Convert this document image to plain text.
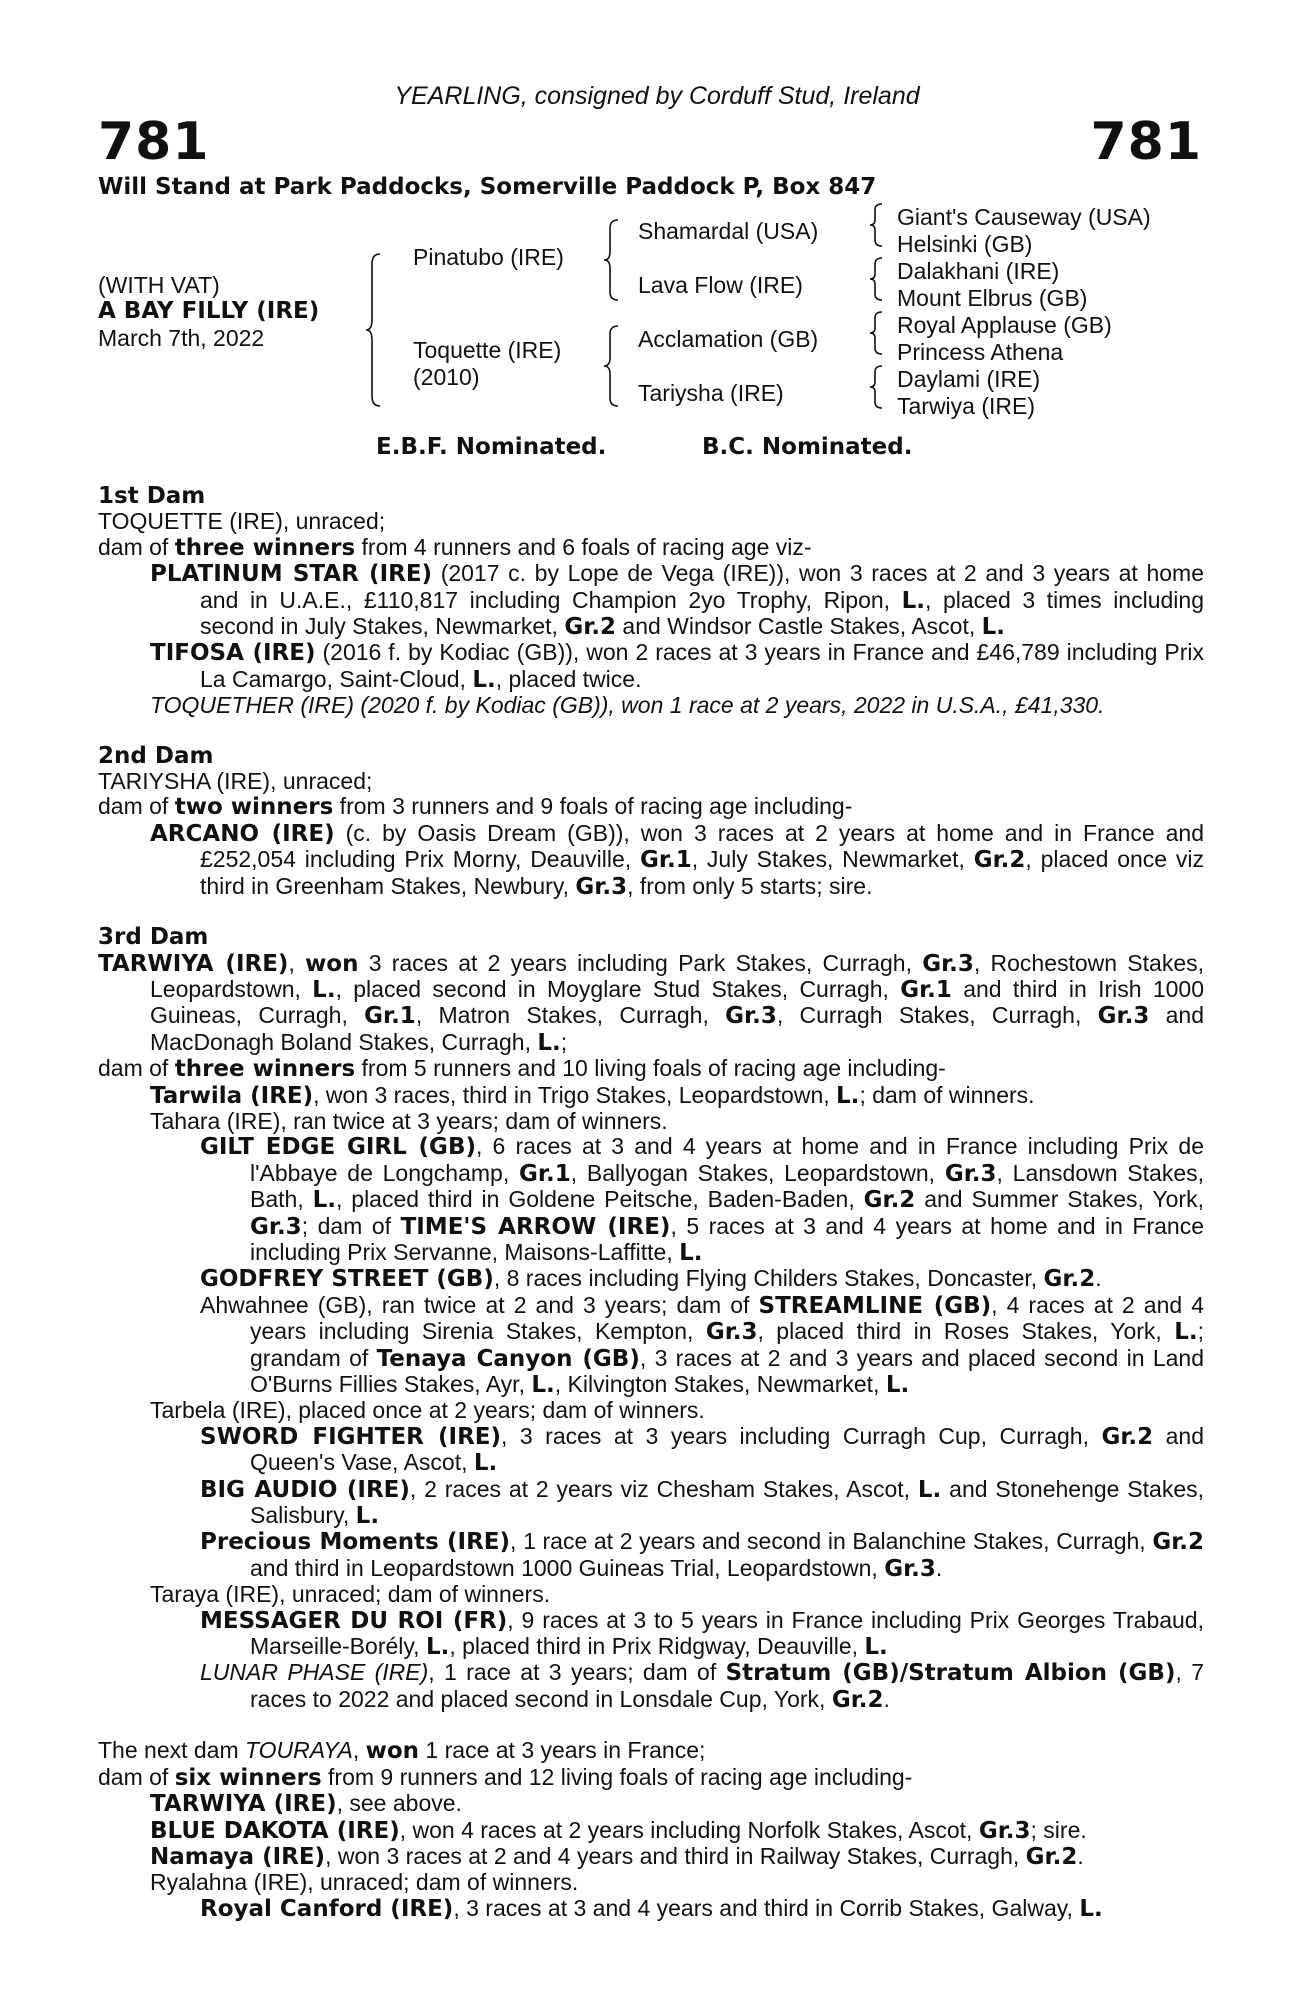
YEARLING, consigned by Corduff Stud, Ireland
781	781
Will Stand at Park Paddocks, Somerville Paddock P, Box 847
(WITH VAT)
A BAY FILLY (IRE)
March 7th, 2022
Pinatubo (IRE)
Toquette (IRE)
(2010)
Shamardal (USA)
Lava Flow (IRE)
Acclamation (GB)
Tariysha (IRE)
Giant's Causeway (USA)
Helsinki (GB)
Dalakhani (IRE)
Mount Elbrus (GB)
Royal Applause (GB)
Princess Athena
Daylami (IRE)
Tarwiya (IRE)
E.B.F. Nominated.	B.C. Nominated.

1st Dam

TOQUETTE (IRE), unraced;

dam of three winners from 4 runners and 6 foals of racing age viz-

PLATINUM STAR (IRE) (2017 c. by Lope de Vega (IRE)), won 3 races at 2 and 3 years at home and in U.A.E., £110,817 including Champion 2yo Trophy, Ripon, L., placed 3 times including second in July Stakes, Newmarket, Gr.2 and Windsor Castle Stakes, Ascot, L.

TIFOSA (IRE) (2016 f. by Kodiac (GB)), won 2 races at 3 years in France and £46,789 including Prix La Camargo, Saint-Cloud, L., placed twice.

TOQUETHER (IRE) (2020 f. by Kodiac (GB)), won 1 race at 2 years, 2022 in U.S.A., £41,330.

2nd Dam

TARIYSHA (IRE), unraced;

dam of two winners from 3 runners and 9 foals of racing age including-

ARCANO (IRE) (c. by Oasis Dream (GB)), won 3 races at 2 years at home and in France and £252,054 including Prix Morny, Deauville, Gr.1, July Stakes, Newmarket, Gr.2, placed once viz third in Greenham Stakes, Newbury, Gr.3, from only 5 starts; sire.

3rd Dam

TARWIYA (IRE), won 3 races at 2 years including Park Stakes, Curragh, Gr.3, Rochestown Stakes, Leopardstown, L., placed second in Moyglare Stud Stakes, Curragh, Gr.1 and third in Irish 1000 Guineas, Curragh, Gr.1, Matron Stakes, Curragh, Gr.3, Curragh Stakes, Curragh, Gr.3 and MacDonagh Boland Stakes, Curragh, L.;

dam of three winners from 5 runners and 10 living foals of racing age including-

Tarwila (IRE), won 3 races, third in Trigo Stakes, Leopardstown, L.; dam of winners.

Tahara (IRE), ran twice at 3 years; dam of winners.

GILT EDGE GIRL (GB), 6 races at 3 and 4 years at home and in France including Prix de l'Abbaye de Longchamp, Gr.1, Ballyogan Stakes, Leopardstown, Gr.3, Lansdown Stakes, Bath, L., placed third in Goldene Peitsche, Baden-Baden, Gr.2 and Summer Stakes, York, Gr.3; dam of TIME'S ARROW (IRE), 5 races at 3 and 4 years at home and in France including Prix Servanne, Maisons-Laffitte, L.

GODFREY STREET (GB), 8 races including Flying Childers Stakes, Doncaster, Gr.2.

Ahwahnee (GB), ran twice at 2 and 3 years; dam of STREAMLINE (GB), 4 races at 2 and 4 years including Sirenia Stakes, Kempton, Gr.3, placed third in Roses Stakes, York, L.; grandam of Tenaya Canyon (GB), 3 races at 2 and 3 years and placed second in Land O'Burns Fillies Stakes, Ayr, L., Kilvington Stakes, Newmarket, L.

Tarbela (IRE), placed once at 2 years; dam of winners.

SWORD FIGHTER (IRE), 3 races at 3 years including Curragh Cup, Curragh, Gr.2 and Queen's Vase, Ascot, L.

BIG AUDIO (IRE), 2 races at 2 years viz Chesham Stakes, Ascot, L. and Stonehenge Stakes, Salisbury, L.

Precious Moments (IRE), 1 race at 2 years and second in Balanchine Stakes, Curragh, Gr.2 and third in Leopardstown 1000 Guineas Trial, Leopardstown, Gr.3.

Taraya (IRE), unraced; dam of winners.

MESSAGER DU ROI (FR), 9 races at 3 to 5 years in France including Prix Georges Trabaud, Marseille-Borély, L., placed third in Prix Ridgway, Deauville, L.

LUNAR PHASE (IRE), 1 race at 3 years; dam of Stratum (GB)/Stratum Albion (GB), 7 races to 2022 and placed second in Lonsdale Cup, York, Gr.2.

The next dam TOURAYA, won 1 race at 3 years in France;

dam of six winners from 9 runners and 12 living foals of racing age including-

TARWIYA (IRE), see above.

BLUE DAKOTA (IRE), won 4 races at 2 years including Norfolk Stakes, Ascot, Gr.3; sire.

Namaya (IRE), won 3 races at 2 and 4 years and third in Railway Stakes, Curragh, Gr.2.

Ryalahna (IRE), unraced; dam of winners.

Royal Canford (IRE), 3 races at 3 and 4 years and third in Corrib Stakes, Galway, L.
